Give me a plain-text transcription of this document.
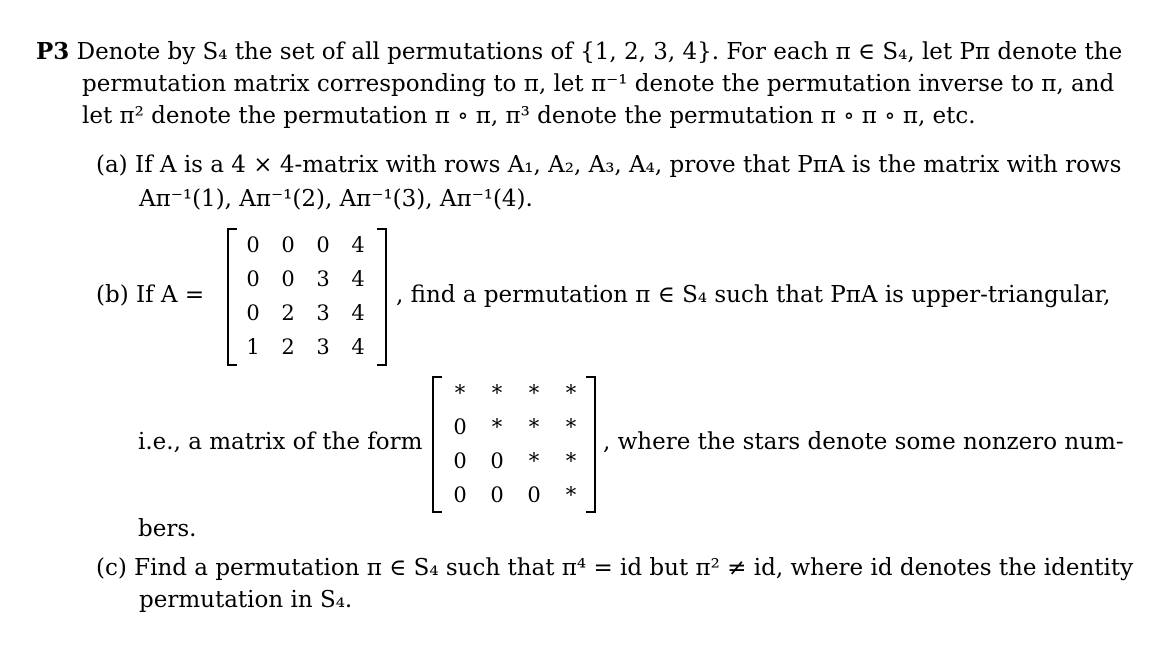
P3 Denote by S₄ the set of all permutations of {1, 2, 3, 4}. For each π ∈ S₄, let Pπ denote the
permutation matrix corresponding to π, let π⁻¹ denote the permutation inverse to π, and
let π² denote the permutation π ∘ π, π³ denote the permutation π ∘ π ∘ π, etc.
(a) If A is a 4 × 4-matrix with rows A₁, A₂, A₃, A₄, prove that PπA is the matrix with rows
Aπ⁻¹(1), Aπ⁻¹(2), Aπ⁻¹(3), Aπ⁻¹(4).
(b) If A =
0	0	0	4
0	0	3	4
0	2	3	4
1	2	3	4
, find a permutation π ∈ S₄ such that PπA is upper-triangular,
i.e., a matrix of the form
*	*	*	*
0	*	*	*
0	0	*	*
0	0	0	*
, where the stars denote some nonzero num-
bers.
(c) Find a permutation π ∈ S₄ such that π⁴ = id but π² ≠ id, where id denotes the identity
permutation in S₄.
